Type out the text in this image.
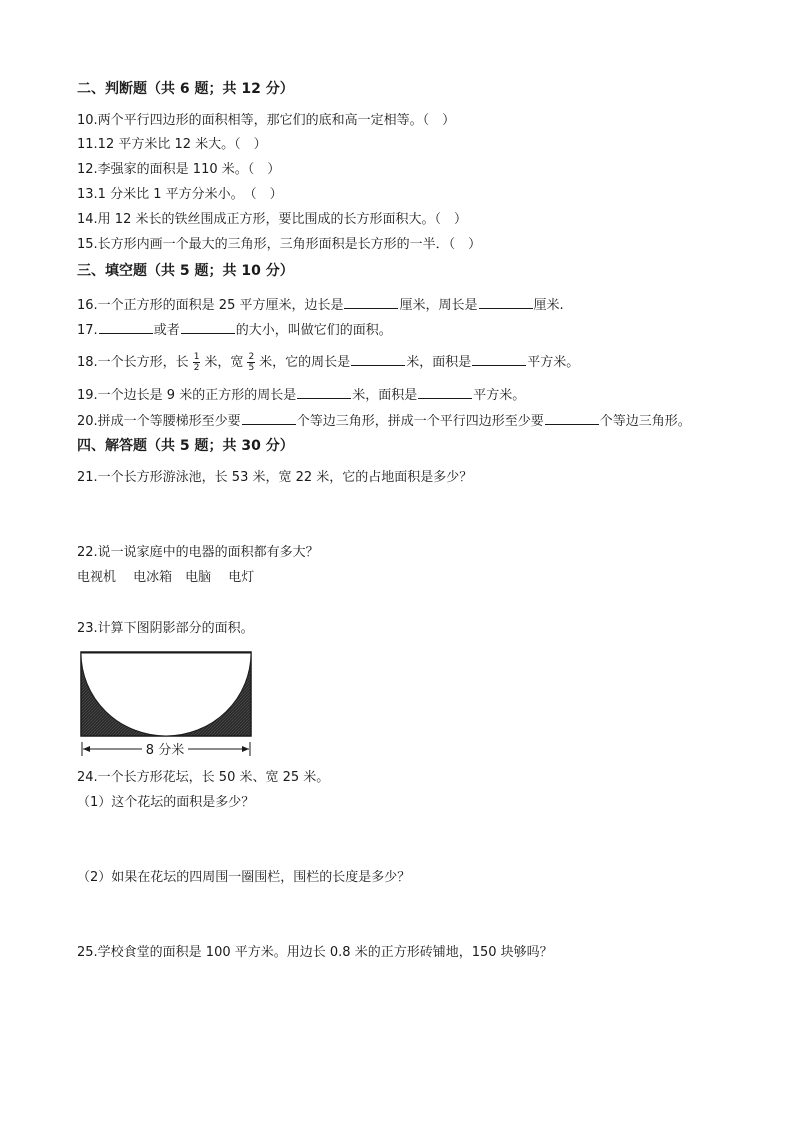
二、判断题（共 6 题；共 12 分）
10.两个平行四边形的面积相等，那它们的底和高一定相等。（　）
11.12 平方米比 12 米大。（　）
12.李强家的面积是 110 米。（　）
13.1 分米比 1 平方分米小。　（　）
14.用 12 米长的铁丝围成正方形，要比围成的长方形面积大。（　）
15.长方形内画一个最大的三角形，三角形面积是长方形的一半．（　）
三、填空题（共 5 题；共 10 分）
16.一个正方形的面积是 25 平方厘米，边长是	厘米，周长是	厘米.
17.	或者	的大小，叫做它们的面积。
18.一个长方形，长 $\frac{1}{2}$ 米，宽 $\frac{2}{5}$ 米，它的周长是	米，面积是	平方米。
19.一个边长是 9 米的正方形的周长是	米，面积是	平方米。
20.拼成一个等腰梯形至少要	个等边三角形，拼成一个平行四边形至少要	个等边三角形。
四、解答题（共 5 题；共 30 分）
21.一个长方形游泳池，长 53 米，宽 22 米，它的占地面积是多少？
22.说一说家庭中的电器的面积都有多大？
电视机　 电冰箱　电脑　 电灯
23.计算下图阴影部分的面积。
8 分米
24.一个长方形花坛，长 50 米、宽 25 米。
（1）这个花坛的面积是多少？
（2）如果在花坛的四周围一圈围栏，围栏的长度是多少？
25.学校食堂的面积是 100 平方米。用边长 0.8 米的正方形砖铺地，150 块够吗？
